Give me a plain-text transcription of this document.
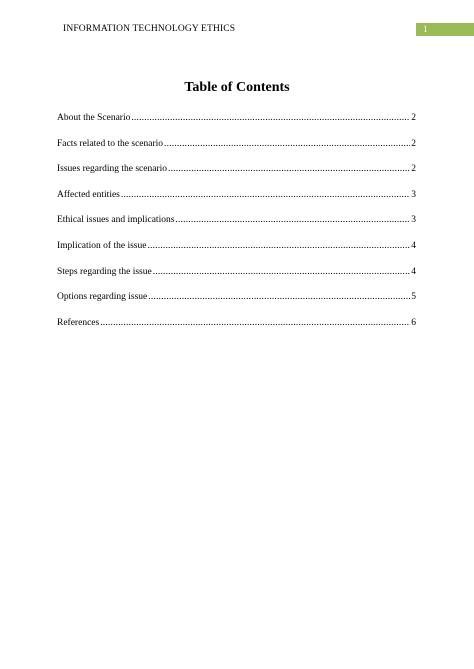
INFORMATION TECHNOLOGY ETHICS	1
Table of Contents
About the Scenario .....	2
Facts related to the scenario .....	2
Issues regarding the scenario .....	2
Affected entities .....	3
Ethical issues and implications .....	3
Implication of the issue .....	4
Steps regarding the issue .....	4
Options regarding issue .....	5
References .....	6
